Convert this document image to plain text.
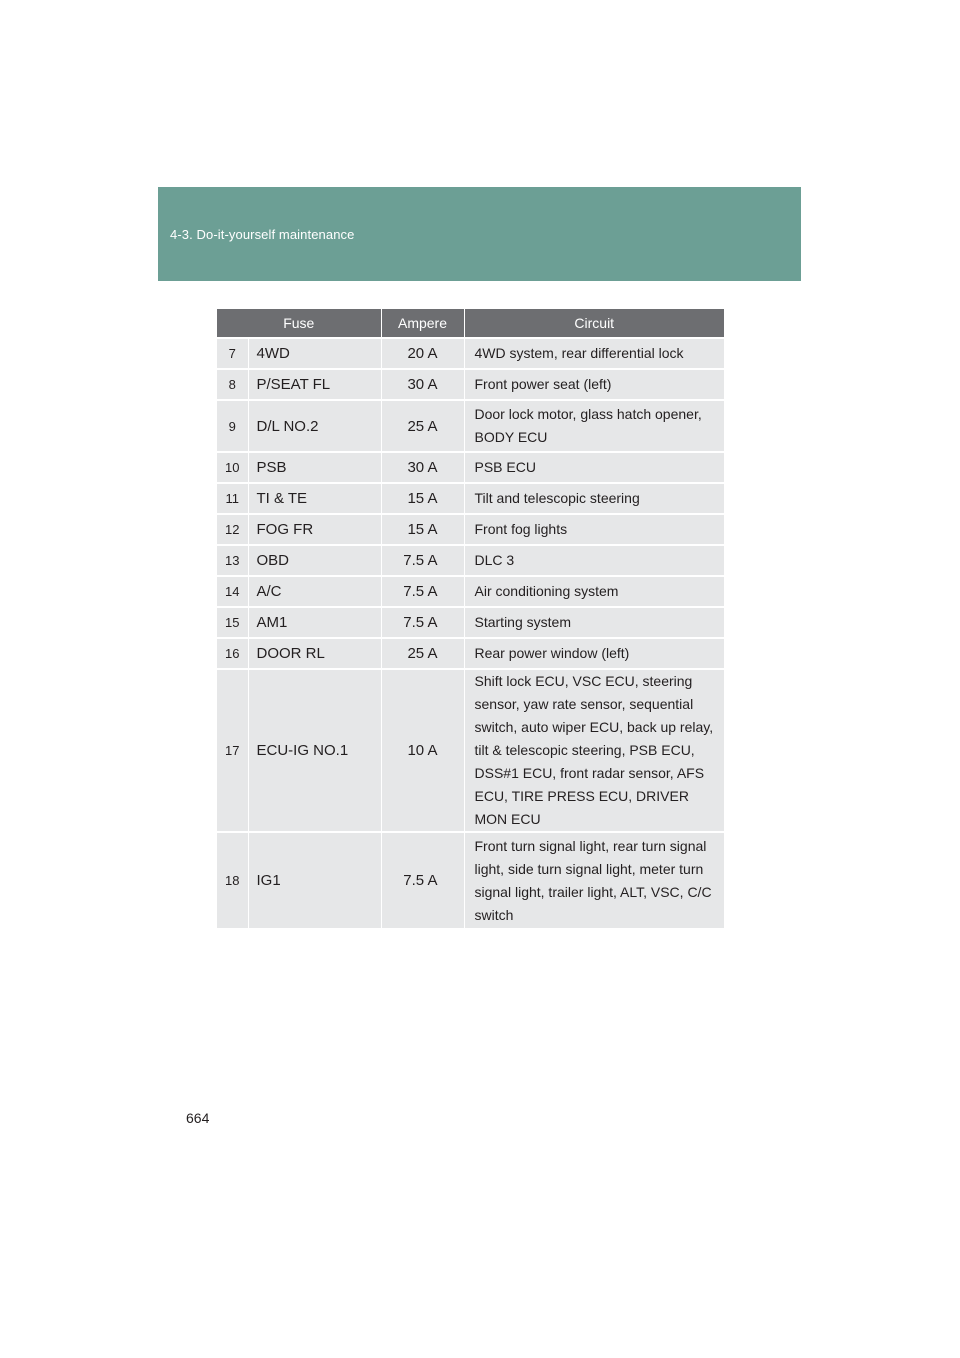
4-3. Do-it-yourself maintenance
Fuse		Ampere	Circuit
7	4WD	20 A	4WD system, rear differential lock
8	P/SEAT FL	30 A	Front power seat (left)
9	D/L NO.2	25 A	Door lock motor, glass hatch opener, BODY ECU
10	PSB	30 A	PSB ECU
11	TI & TE	15 A	Tilt and telescopic steering
12	FOG FR	15 A	Front fog lights
13	OBD	7.5 A	DLC 3
14	A/C	7.5 A	Air conditioning system
15	AM1	7.5 A	Starting system
16	DOOR RL	25 A	Rear power window (left)
17	ECU-IG NO.1	10 A	Shift lock ECU, VSC ECU, steering sensor, yaw rate sensor, sequential switch, auto wiper ECU, back up relay, tilt & telescopic steering, PSB ECU, DSS#1 ECU, front radar sensor, AFS ECU, TIRE PRESS ECU, DRIVER MON ECU
18	IG1	7.5 A	Front turn signal light, rear turn signal light, side turn signal light, meter turn signal light, trailer light, ALT, VSC, C/C switch
664
